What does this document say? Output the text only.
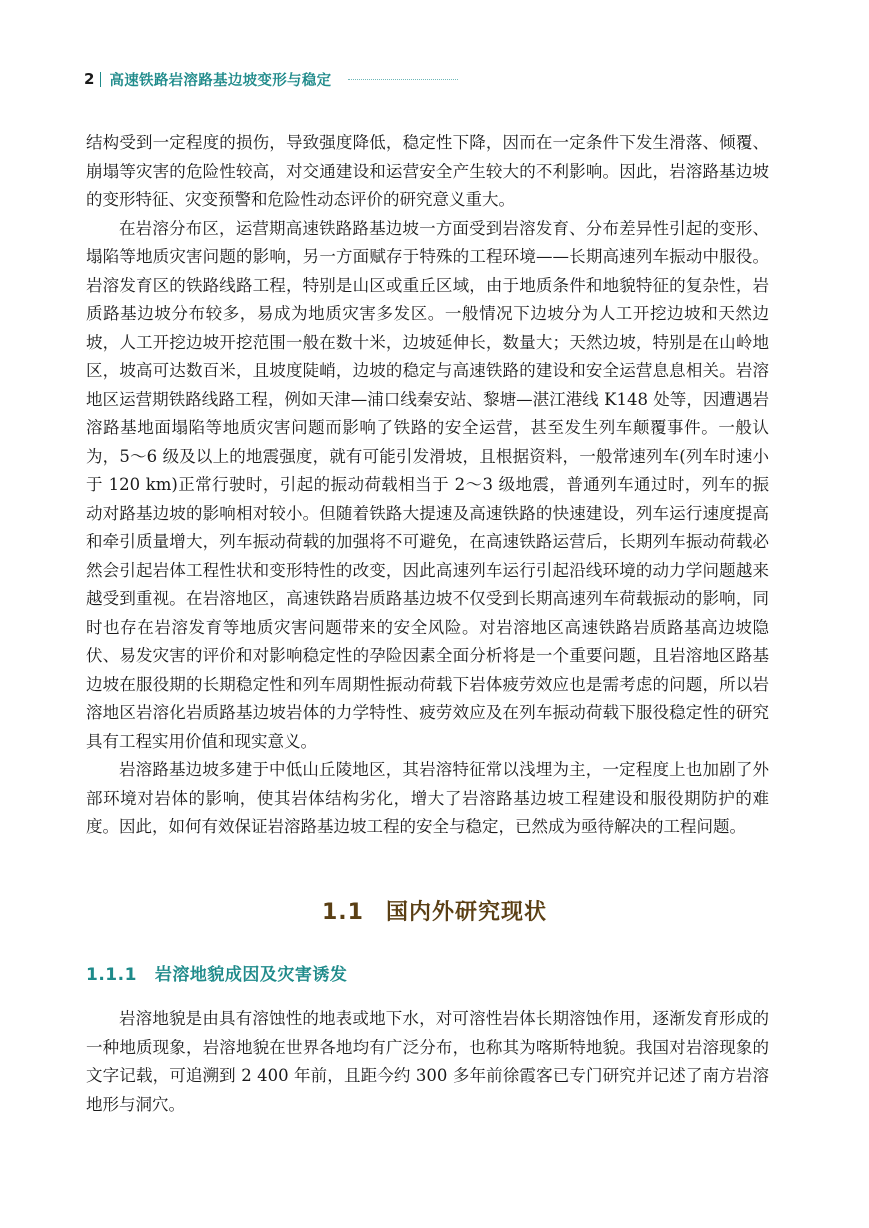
2 高速铁路岩溶路基边坡变形与稳定

结构受到一定程度的损伤，导致强度降低，稳定性下降，因而在一定条件下发生滑落、倾覆、崩塌等灾害的危险性较高，对交通建设和运营安全产生较大的不利影响。因此，岩溶路基边坡的变形特征、灾变预警和危险性动态评价的研究意义重大。

在岩溶分布区，运营期高速铁路路基边坡一方面受到岩溶发育、分布差异性引起的变形、塌陷等地质灾害问题的影响，另一方面赋存于特殊的工程环境——长期高速列车振动中服役。岩溶发育区的铁路线路工程，特别是山区或重丘区域，由于地质条件和地貌特征的复杂性，岩质路基边坡分布较多，易成为地质灾害多发区。一般情况下边坡分为人工开挖边坡和天然边坡，人工开挖边坡开挖范围一般在数十米，边坡延伸长，数量大；天然边坡，特别是在山岭地区，坡高可达数百米，且坡度陡峭，边坡的稳定与高速铁路的建设和安全运营息息相关。岩溶地区运营期铁路线路工程，例如天津—浦口线秦安站、黎塘—湛江港线 K148 处等，因遭遇岩溶路基地面塌陷等地质灾害问题而影响了铁路的安全运营，甚至发生列车颠覆事件。一般认为，5～6 级及以上的地震强度，就有可能引发滑坡，且根据资料，一般常速列车(列车时速小于 120 km)正常行驶时，引起的振动荷载相当于 2～3 级地震，普通列车通过时，列车的振动对路基边坡的影响相对较小。但随着铁路大提速及高速铁路的快速建设，列车运行速度提高和牵引质量增大，列车振动荷载的加强将不可避免，在高速铁路运营后，长期列车振动荷载必然会引起岩体工程性状和变形特性的改变，因此高速列车运行引起沿线环境的动力学问题越来越受到重视。在岩溶地区，高速铁路岩质路基边坡不仅受到长期高速列车荷载振动的影响，同时也存在岩溶发育等地质灾害问题带来的安全风险。对岩溶地区高速铁路岩质路基高边坡隐伏、易发灾害的评价和对影响稳定性的孕险因素全面分析将是一个重要问题，且岩溶地区路基边坡在服役期的长期稳定性和列车周期性振动荷载下岩体疲劳效应也是需考虑的问题，所以岩溶地区岩溶化岩质路基边坡岩体的力学特性、疲劳效应及在列车振动荷载下服役稳定性的研究具有工程实用价值和现实意义。

岩溶路基边坡多建于中低山丘陵地区，其岩溶特征常以浅埋为主，一定程度上也加剧了外部环境对岩体的影响，使其岩体结构劣化，增大了岩溶路基边坡工程建设和服役期防护的难度。因此，如何有效保证岩溶路基边坡工程的安全与稳定，已然成为亟待解决的工程问题。

1.1 国内外研究现状
1.1.1 岩溶地貌成因及灾害诱发

岩溶地貌是由具有溶蚀性的地表或地下水，对可溶性岩体长期溶蚀作用，逐渐发育形成的一种地质现象，岩溶地貌在世界各地均有广泛分布，也称其为喀斯特地貌。我国对岩溶现象的文字记载，可追溯到 2 400 年前，且距今约 300 多年前徐霞客已专门研究并记述了南方岩溶地形与洞穴。
